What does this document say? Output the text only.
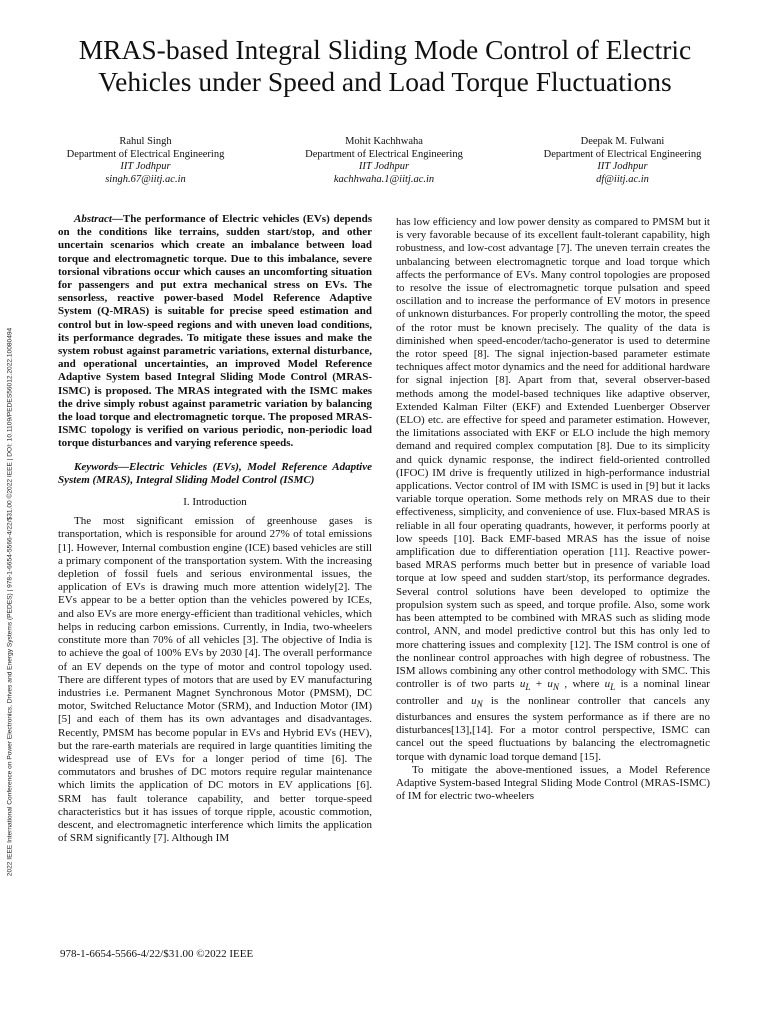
MRAS-based Integral Sliding Mode Control of Electric Vehicles under Speed and Load Torque Fluctuations
Rahul Singh
Department of Electrical Engineering
IIT Jodhpur
singh.67@iitj.ac.in
Mohit Kachhwaha
Department of Electrical Engineering
IIT Jodhpur
kachhwaha.1@iitj.ac.in
Deepak M. Fulwani
Department of Electrical Engineering
IIT Jodhpur
df@iitj.ac.in
2022 IEEE International Conference on Power Electronics, Drives and Energy Systems (PEDES) | 978-1-6654-5566-4/22/$31.00 ©2022 IEEE | DOI: 10.1109/PEDES56012.2022.10080494

Abstract—The performance of Electric vehicles (EVs) depends on the conditions like terrains, sudden start/stop, and other uncertain scenarios which create an imbalance between load torque and electromagnetic torque. Due to this imbalance, severe torsional vibrations occur which causes an uncomforting situation for passengers and put extra mechanical stress on EVs. The sensorless, reactive power-based Model Reference Adaptive System (Q-MRAS) is suitable for precise speed estimation and control but in low-speed regions and with uneven load conditions, its performance degrades. To mitigate these issues and make the system robust against parametric variations, external disturbance, and operational uncertainties, an improved Model Reference Adaptive System based Integral Sliding Mode Control (MRAS-ISMC) is proposed. The MRAS integrated with the ISMC makes the drive simply robust against parametric variation by balancing the load torque and electromagnetic torque. The proposed MRAS-ISMC topology is verified on various periodic, non-periodic load torque disturbances and varying reference speeds.

Keywords—Electric Vehicles (EVs), Model Reference Adaptive System (MRAS), Integral Sliding Model Control (ISMC)

I. Introduction

The most significant emission of greenhouse gases is transportation, which is responsible for around 27% of total emissions [1]. However, Internal combustion engine (ICE) based vehicles are still a primary component of the transportation system. With the increasing depletion of fossil fuels and serious environmental issues, the application of EVs is drawing much more attention widely[2]. The EVs appear to be a better option than the vehicles powered by ICEs, and also EVs are more energy-efficient than traditional vehicles, which helps in reducing carbon emissions. Currently, in India, two-wheelers constitute more than 70% of all vehicles [3]. The objective of India is to achieve the goal of 100% EVs by 2030 [4]. The overall performance of an EV depends on the type of motor and control topology used. There are different types of motors that are used by EV manufacturing industries i.e. Permanent Magnet Synchronous Motor (PMSM), DC motor, Switched Reluctance Motor (SRM), and Induction Motor (IM) [5] and each of them has its own advantages and disadvantages. Recently, PMSM has become popular in EVs and Hybrid EVs (HEV), but the rare-earth materials are required in large quantities limiting the widespread use of EVs for a longer period of time [6]. The commutators and brushes of DC motors require regular maintenance which limits the application of DC motors in EV applications [6]. SRM has fault tolerance capability, and better torque-speed characteristics but it has issues of torque ripple, acoustic commotion, descent, and electromagnetic interference which limits the application of SRM significantly [7]. Although IM

has low efficiency and low power density as compared to PMSM but it is very favorable because of its excellent fault-tolerant capability, high robustness, and low-cost advantage [7]. The uneven terrain creates the unbalancing between electromagnetic torque and load torque which affects the performance of EVs. Many control topologies are proposed to resolve the issue of electromagnetic torque pulsation and speed oscillation and to increase the performance of EV motors in presence of unknown disturbances. For properly controlling the motor, the speed of the rotor must be known precisely. The quality of the data is diminished when speed-encoder/tacho-generator is used to determine the rotor speed [8]. The signal injection-based parameter estimate techniques affect motor dynamics and the need for additional hardware for signal injection [8]. Apart from that, several observer-based methods among the model-based techniques like adaptive observer, Extended Kalman Filter (EKF) and Extended Luenberger Observer (ELO) etc. are effective for speed and parameter estimation. However, the limitations associated with EKF or ELO include the high memory demand and required complex computation [8]. Due to its simplicity and quick dynamic response, the indirect field-oriented controlled (IFOC) IM drive is frequently utilized in high-performance industrial applications. Vector control of IM with ISMC is used in [9] but it lacks variable torque operation. Some methods rely on MRAS due to their effectiveness, simplicity, and convenience of use. Flux-based MRAS is reliable in all four operating quadrants, however, it performs poorly at low speeds [10]. Back EMF-based MRAS has the issue of noise amplification due to differentiation operation [11]. Reactive power-based MRAS performs much better but in presence of variable load torque at low speed and sudden start/stop, its performance degrades. Several control solutions have been developed to optimize the propulsion system such as speed, and torque profile. Also, some work has been attempted to be combined with MRAS such as sliding mode control, ANN, and model predictive control but this has only led to more chattering issues and complexity [12]. The ISM control is one of the nonlinear control approaches with high degree of robustness. The ISM allows combining any other control methodology with SMC. This controller is of two parts $u_L + u_N$ , where $u_L$ is a nominal linear controller and $u_N$ is the nonlinear controller that cancels any disturbances and ensures the system performance as if there are no disturbances[13],[14]. For a motor control perspective, ISMC can cancel out the speed fluctuations by balancing the electromagnetic torque with dynamic load torque demand [15].

To mitigate the above-mentioned issues, a Model Reference Adaptive System-based Integral Sliding Mode Control (MRAS-ISMC) of IM for electric two-wheelers

978-1-6654-5566-4/22/$31.00 ©2022 IEEE
